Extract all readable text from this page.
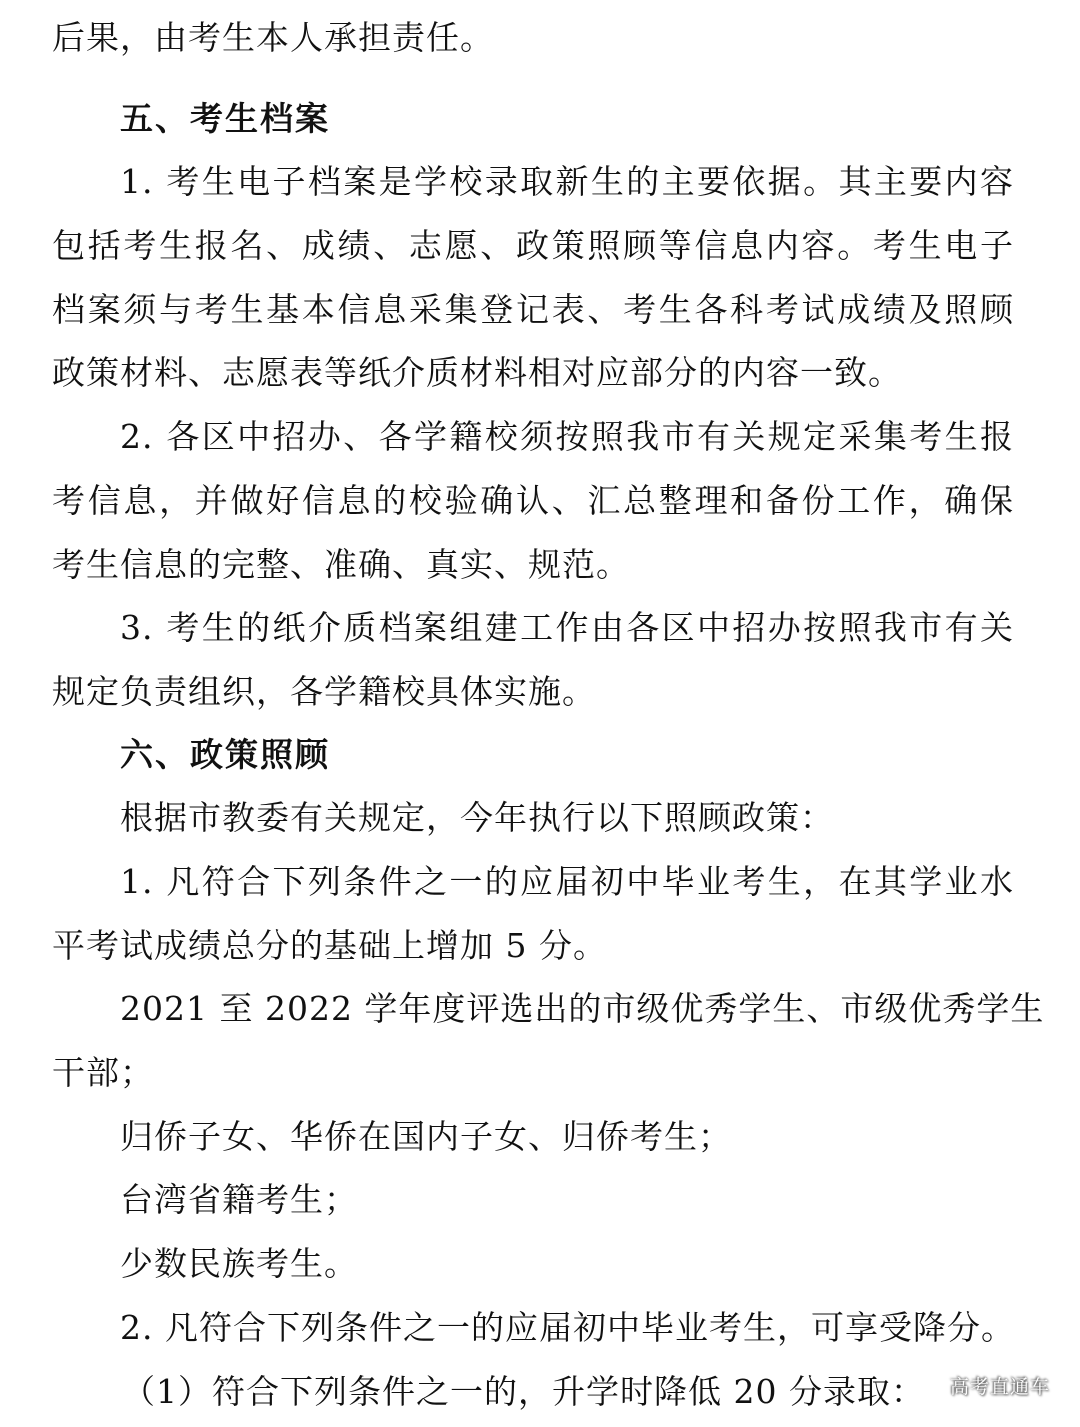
后果，由考生本人承担责任。
五、考生档案
1. 考生电子档案是学校录取新生的主要依据。其主要内容
包括考生报名、成绩、志愿、政策照顾等信息内容。考生电子
档案须与考生基本信息采集登记表、考生各科考试成绩及照顾
政策材料、志愿表等纸介质材料相对应部分的内容一致。
2. 各区中招办、各学籍校须按照我市有关规定采集考生报
考信息，并做好信息的校验确认、汇总整理和备份工作，确保
考生信息的完整、准确、真实、规范。
3. 考生的纸介质档案组建工作由各区中招办按照我市有关
规定负责组织，各学籍校具体实施。
六、政策照顾
根据市教委有关规定，今年执行以下照顾政策：
1. 凡符合下列条件之一的应届初中毕业考生，在其学业水
平考试成绩总分的基础上增加 5 分。
2021 至 2022 学年度评选出的市级优秀学生、市级优秀学生
干部；
归侨子女、华侨在国内子女、归侨考生；
台湾省籍考生；
少数民族考生。
2. 凡符合下列条件之一的应届初中毕业考生，可享受降分。
（1）符合下列条件之一的，升学时降低 20 分录取：	高考直通车
